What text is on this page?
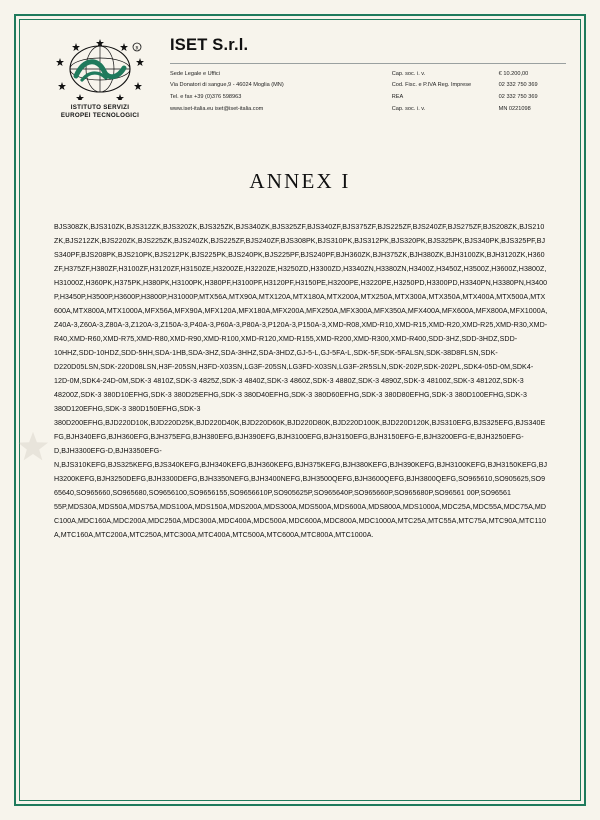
R
ISTITUTO SERVIZI
EUROPEI TECNOLOGICI
ISET S.r.l.
Sede Legale e Uffici	Cap. soc. i. v.	€ 10.200,00
Via Donatori di sangue,9 - 46024 Moglia (MN)	Cod. Fisc. e P.IVA Reg. Imprese	02 332 750 369
Tel. e fax +39 (0)376 598963	REA	02 332 750 369
www.iset-italia.eu iset@iset-italia.com	Cap. soc. i. v.	MN 0221098
ANNEX I
BJS308ZK,BJS310ZK,BJS312ZK,BJS320ZK,BJS325ZK,BJS340ZK,BJS325ZF,BJS340ZF,BJS375ZF,BJS225ZF,BJS240ZF,BJS275ZF,BJS208ZK,BJS210ZK,BJS212ZK,BJS220ZK,BJS225ZK,BJS240ZK,BJS225ZF,BJS240ZF,BJS308PK,BJS310PK,BJS312PK,BJS320PK,BJS325PK,BJS340PK,BJS325PF,BJS340PF,BJS208PK,BJS210PK,BJS212PK,BJS225PK,BJS240PK,BJS225PF,BJS240PF,BJH360ZK,BJH375ZK,BJH380ZK,BJH3100ZK,BJH3120ZK,H360ZF,H375ZF,H380ZF,H3100ZF,H3120ZF,H3150ZE,H3200ZE,H3220ZE,H3250ZD,H3300ZD,H3340ZN,H3380ZN,H3400Z,H3450Z,H3500Z,H3600Z,H3800Z,H31000Z,H360PK,H375PK,H380PK,H3100PK,H380PF,H3100PF,H3120PF,H3150PE,H3200PE,H3220PE,H3250PD,H3300PD,H3340PN,H3380PN,H3400P,H3450P,H3500P,H3600P,H3800P,H31000P,MTX56A,MTX90A,MTX120A,MTX180A,MTX200A,MTX250A,MTX300A,MTX350A,MTX400A,MTX500A,MTX600A,MTX800A,MTX1000A,MFX56A,MFX90A,MFX120A,MFX180A,MFX200A,MFX250A,MFX300A,MFX350A,MFX400A,MFX600A,MFX800A,MFX1000A,Z40A-3,Z60A-3,Z80A-3,Z120A-3,Z150A-3,P40A-3,P60A-3,P80A-3,P120A-3,P150A-3,XMD-R08,XMD-R10,XMD-R15,XMD-R20,XMD-R25,XMD-R30,XMD-R40,XMD-R60,XMD-R75,XMD-R80,XMD-R90,XMD-R100,XMD-R120,XMD-R155,XMD-R200,XMD-R300,XMD-R400,SDD-3HZ,SDD-3HDZ,SDD-10HHZ,SDD-10HDZ,SDD-5HH,SDA-1HB,SDA-3HZ,SDA-3HHZ,SDA-3HDZ,GJ-5-L,GJ-5FA-L,SDK-5F,SDK-5FALSN,SDK-38D8FLSN,SDK-D220D05LSN,SDK-220D08LSN,H3F-205SN,H3FD-X03SN,LG3F-205SN,LG3FD-X03SN,LG3F-2R5SLN,SDK-202P,SDK-202PL,SDK4-05D-0M,SDK4-12D-0M,SDK4-24D-0M,SDK-3 4810Z,SDK-3 4825Z,SDK-3 4840Z,SDK-3 4860Z,SDK-3 4880Z,SDK-3 4890Z,SDK-3 48100Z,SDK-3 48120Z,SDK-3 48200Z,SDK-3 380D10EFHG,SDK-3 380D25EFHG,SDK-3 380D40EFHG,SDK-3 380D60EFHG,SDK-3 380D80EFHG,SDK-3 380D100EFHG,SDK-3 380D120EFHG,SDK-3 380D150EFHG,SDK-3 380D200EFHG,BJD220D10K,BJD220D25K,BJD220D40K,BJD220D60K,BJD220D80K,BJD220D100K,BJD220D120K,BJS310EFG,BJS325EFG,BJS340EFG,BJH340EFG,BJH360EFG,BJH375EFG,BJH380EFG,BJH390EFG,BJH3100EFG,BJH3150EFG,BJH3150EFG-E,BJH3200EFG-E,BJH3250EFG-D,BJH3300EFG-D,BJH3350EFG-N,BJS310KEFG,BJS325KEFG,BJS340KEFG,BJH340KEFG,BJH360KEFG,BJH375KEFG,BJH380KEFG,BJH390KEFG,BJH3100KEFG,BJH3150KEFG,BJH3200KEFG,BJH3250DEFG,BJH3300DEFG,BJH3350NEFG,BJH3400NEFG,BJH3500QEFG,BJH3600QEFG,BJH3800QEFG,SO965610,SO905625,SO965640,SO965660,SO965680,SO9656100,SO9656155,SO9656610P,SO905625P,SO965640P,SO965660P,SO965680P,SO96561 00P,SO96561 55P,MDS30A,MDS50A,MDS75A,MDS100A,MDS150A,MDS200A,MDS300A,MDS500A,MDS600A,MDS800A,MDS1000A,MDC25A,MDC55A,MDC75A,MDC100A,MDC160A,MDC200A,MDC250A,MDC300A,MDC400A,MDC500A,MDC600A,MDC800A,MDC1000A,MTC25A,MTC55A,MTC75A,MTC90A,MTC110A,MTC160A,MTC200A,MTC250A,MTC300A,MTC400A,MTC500A,MTC600A,MTC800A,MTC1000A.
